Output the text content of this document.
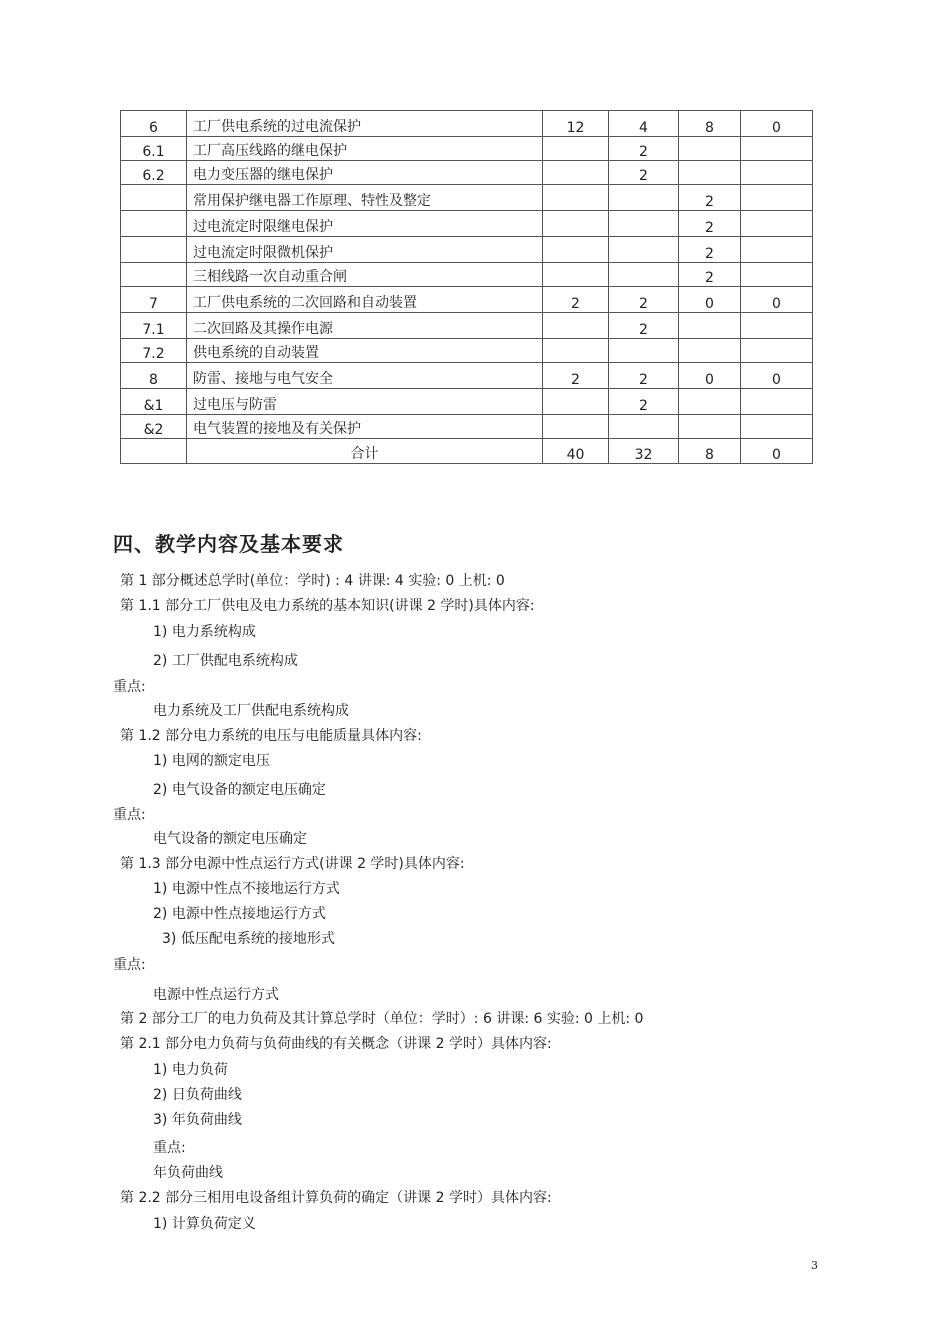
6	工厂供电系统的过电流保护	12	4	8	0
6.1	工厂高压线路的继电保护		2		
6.2	电力变压器的继电保护		2		
	常用保护继电器工作原理、特性及整定			2	
	过电流定时限继电保护			2	
	过电流定时限微机保护			2	
	三相线路一次自动重合闸			2	
7	工厂供电系统的二次回路和自动装置	2	2	0	0
7.1	二次回路及其操作电源		2		
7.2	供电系统的自动装置				
8	防雷、接地与电气安全	2	2	0	0
&1	过电压与防雷		2		
&2	电气装置的接地及有关保护				
	合计	40	32	8	0
四、教学内容及基本要求
第 1 部分概述总学时(单位：学时) : 4 讲课: 4 实验: 0 上机: 0
第 1.1 部分工厂供电及电力系统的基本知识(讲课 2 学时)具体内容:
1) 电力系统构成
2) 工厂供配电系统构成
重点:
电力系统及工厂供配电系统构成
第 1.2 部分电力系统的电压与电能质量具体内容:
1) 电网的额定电压
2) 电气设备的额定电压确定
重点:
电气设备的额定电压确定
第 1.3 部分电源中性点运行方式(讲课 2 学时)具体内容:
1) 电源中性点不接地运行方式
2) 电源中性点接地运行方式
3) 低压配电系统的接地形式
重点:
电源中性点运行方式
第 2 部分工厂的电力负荷及其计算总学时（单位：学时）: 6 讲课: 6 实验: 0 上机: 0
第 2.1 部分电力负荷与负荷曲线的有关概念（讲课 2 学时）具体内容:
1) 电力负荷
2) 日负荷曲线
3) 年负荷曲线
重点:
年负荷曲线
第 2.2 部分三相用电设备组计算负荷的确定（讲课 2 学时）具体内容:
1) 计算负荷定义
3
